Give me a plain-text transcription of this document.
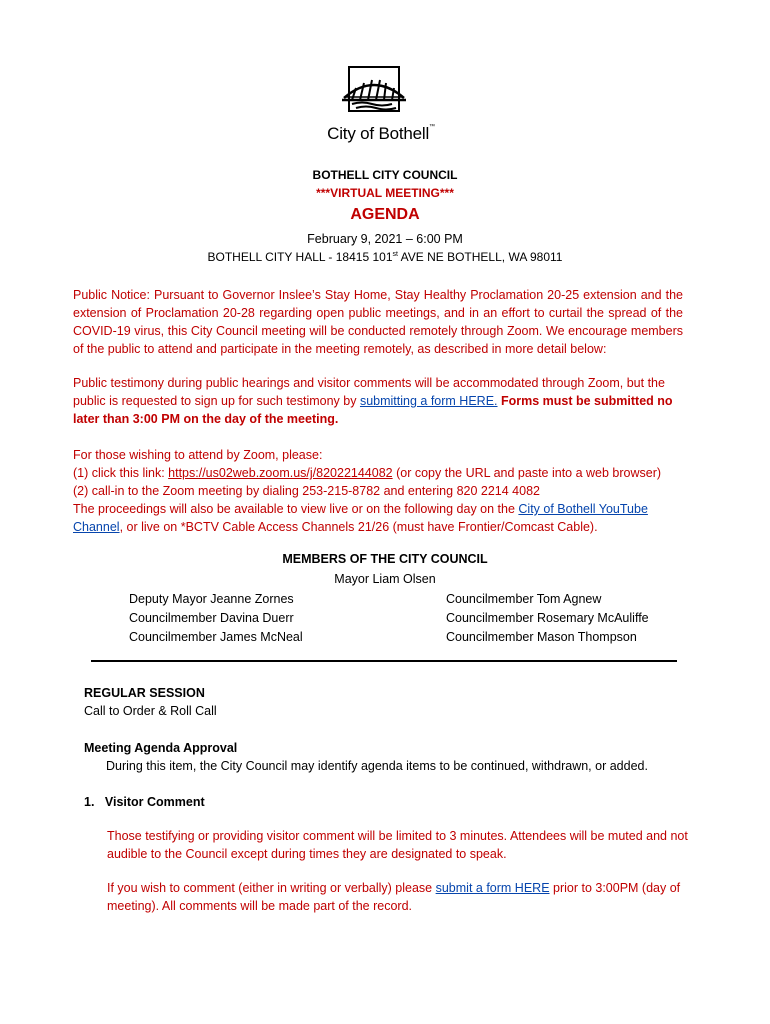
City of Bothell™
BOTHELL CITY COUNCIL
***VIRTUAL MEETING***
AGENDA
February 9, 2021 – 6:00 PM
BOTHELL CITY HALL - 18415 101st AVE NE BOTHELL, WA 98011
Public Notice: Pursuant to Governor Inslee’s Stay Home, Stay Healthy Proclamation 20-25 extension and the extension of Proclamation 20-28 regarding open public meetings, and in an effort to curtail the spread of the COVID-19 virus, this City Council meeting will be conducted remotely through Zoom. We encourage members of the public to attend and participate in the meeting remotely, as described in more detail below:
Public testimony during public hearings and visitor comments will be accommodated through Zoom, but the public is requested to sign up for such testimony by submitting a form HERE. Forms must be submitted no later than 3:00 PM on the day of the meeting.
For those wishing to attend by Zoom, please:
(1) click this link: https://us02web.zoom.us/j/82022144082 (or copy the URL and paste into a web browser)
(2) call-in to the Zoom meeting by dialing 253-215-8782 and entering 820 2214 4082
The proceedings will also be available to view live or on the following day on the City of Bothell YouTube Channel, or live on *BCTV Cable Access Channels 21/26 (must have Frontier/Comcast Cable).
MEMBERS OF THE CITY COUNCIL
Mayor Liam Olsen
Deputy Mayor Jeanne Zornes
Councilmember Davina Duerr
Councilmember James McNeal
Councilmember Tom Agnew
Councilmember Rosemary McAuliffe
Councilmember Mason Thompson
REGULAR SESSION
Call to Order & Roll Call
Meeting Agenda Approval
During this item, the City Council may identify agenda items to be continued, withdrawn, or added.
1. Visitor Comment
Those testifying or providing visitor comment will be limited to 3 minutes. Attendees will be muted and not audible to the Council except during times they are designated to speak.
If you wish to comment (either in writing or verbally) please submit a form HERE prior to 3:00PM (day of meeting). All comments will be made part of the record.
